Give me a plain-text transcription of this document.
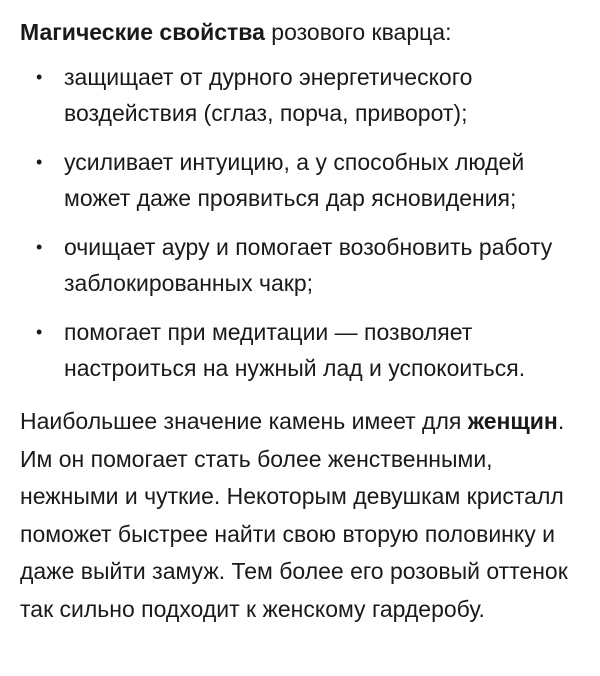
Магические свойства розового кварца:

• защищает от дурного энергетического воздействия (сглаз, порча, приворот);
• усиливает интуицию, а у способных людей может даже проявиться дар ясновидения;
• очищает ауру и помогает возобновить работу заблокированных чакр;
• помогает при медитации — позволяет настроиться на нужный лад и успокоиться.

Наибольшее значение камень имеет для женщин. Им он помогает стать более женственными, нежными и чуткие. Некоторым девушкам кристалл поможет быстрее найти свою вторую половинку и даже выйти замуж. Тем более его розовый оттенок так сильно подходит к женскому гардеробу.
